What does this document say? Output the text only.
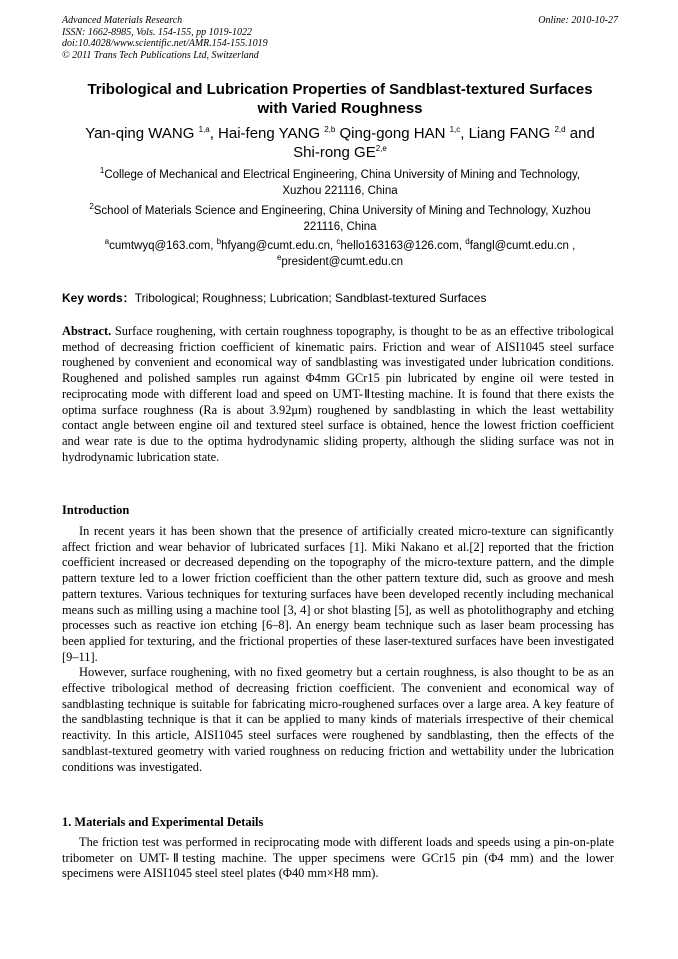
Advanced Materials Research
ISSN: 1662-8985, Vols. 154-155, pp 1019-1022
doi:10.4028/www.scientific.net/AMR.154-155.1019
© 2011 Trans Tech Publications Ltd, Switzerland
Online: 2010-10-27
Tribological and Lubrication Properties of Sandblast-textured Surfaces
with Varied Roughness
Yan-qing WANG $^{1,a}$, Hai-feng YANG $^{2,b}$ Qing-gong HAN $^{1,c}$, Liang FANG $^{2,d}$ and
Shi-rong GE$^{2,e}$
$^1$College of Mechanical and Electrical Engineering, China University of Mining and Technology,
Xuzhou 221116, China
$^2$School of Materials Science and Engineering, China University of Mining and Technology, Xuzhou
221116, China
$^a$cumtwyq@163.com, $^b$hfyang@cumt.edu.cn, $^c$hello163163@126.com, $^d$fangl@cumt.edu.cn ,
$^e$president@cumt.edu.cn
Key words：Tribological; Roughness; Lubrication; Sandblast-textured Surfaces

Abstract. Surface roughening, with certain roughness topography, is thought to be as an effective tribological method of decreasing friction coefficient of kinematic pairs. Friction and wear of AISI1045 steel surface roughened by convenient and economical way of sandblasting was investigated under lubrication conditions. Roughened and polished samples run against Φ4mm GCr15 pin lubricated by engine oil were tested in reciprocating mode with different load and speed on UMT-Ⅱtesting machine. It is found that there exists the optima surface roughness (Ra is about 3.92μm) roughened by sandblasting in which the least wettability contact angle between engine oil and textured steel surface is obtained, hence the lowest friction coefficient and wear rate is due to the optima hydrodynamic sliding property, although the sliding surface was not in hydrodynamic lubrication state.

Introduction

In recent years it has been shown that the presence of artificially created micro-texture can significantly affect friction and wear behavior of lubricated surfaces [1]. Miki Nakano et al.[2] reported that the friction coefficient increased or decreased depending on the topography of the micro-texture pattern, and the dimple pattern texture led to a lower friction coefficient than the other pattern texture did, such as groove and mesh pattern textures. Various techniques for texturing surfaces have been developed recently including mechanical means such as milling using a machine tool [3, 4] or shot blasting [5], as well as photolithography and etching processes such as reactive ion etching [6–8]. An energy beam technique such as laser beam processing has been applied for texturing, and the frictional properties of these laser-textured surfaces have been investigated [9–11].

However, surface roughening, with no fixed geometry but a certain roughness, is also thought to be as an effective tribological method of decreasing friction coefficient. The convenient and economical way of sandblasting technique is suitable for fabricating micro-roughened surfaces over a large area. A key feature of the sandblasting technique is that it can be applied to many kinds of materials irrespective of their chemical reactivity. In this article, AISI1045 steel surfaces were roughened by sandblasting, then the effects of the sandblast-textured geometry with varied roughness on reducing friction and wettability under the lubrication conditions was investigated.

1. Materials and Experimental Details

The friction test was performed in reciprocating mode with different loads and speeds using a pin-on-plate tribometer on UMT-Ⅱtesting machine. The upper specimens were GCr15 pin (Φ4 mm) and the lower specimens were AISI1045 steel steel plates (Φ40 mm×H8 mm).
